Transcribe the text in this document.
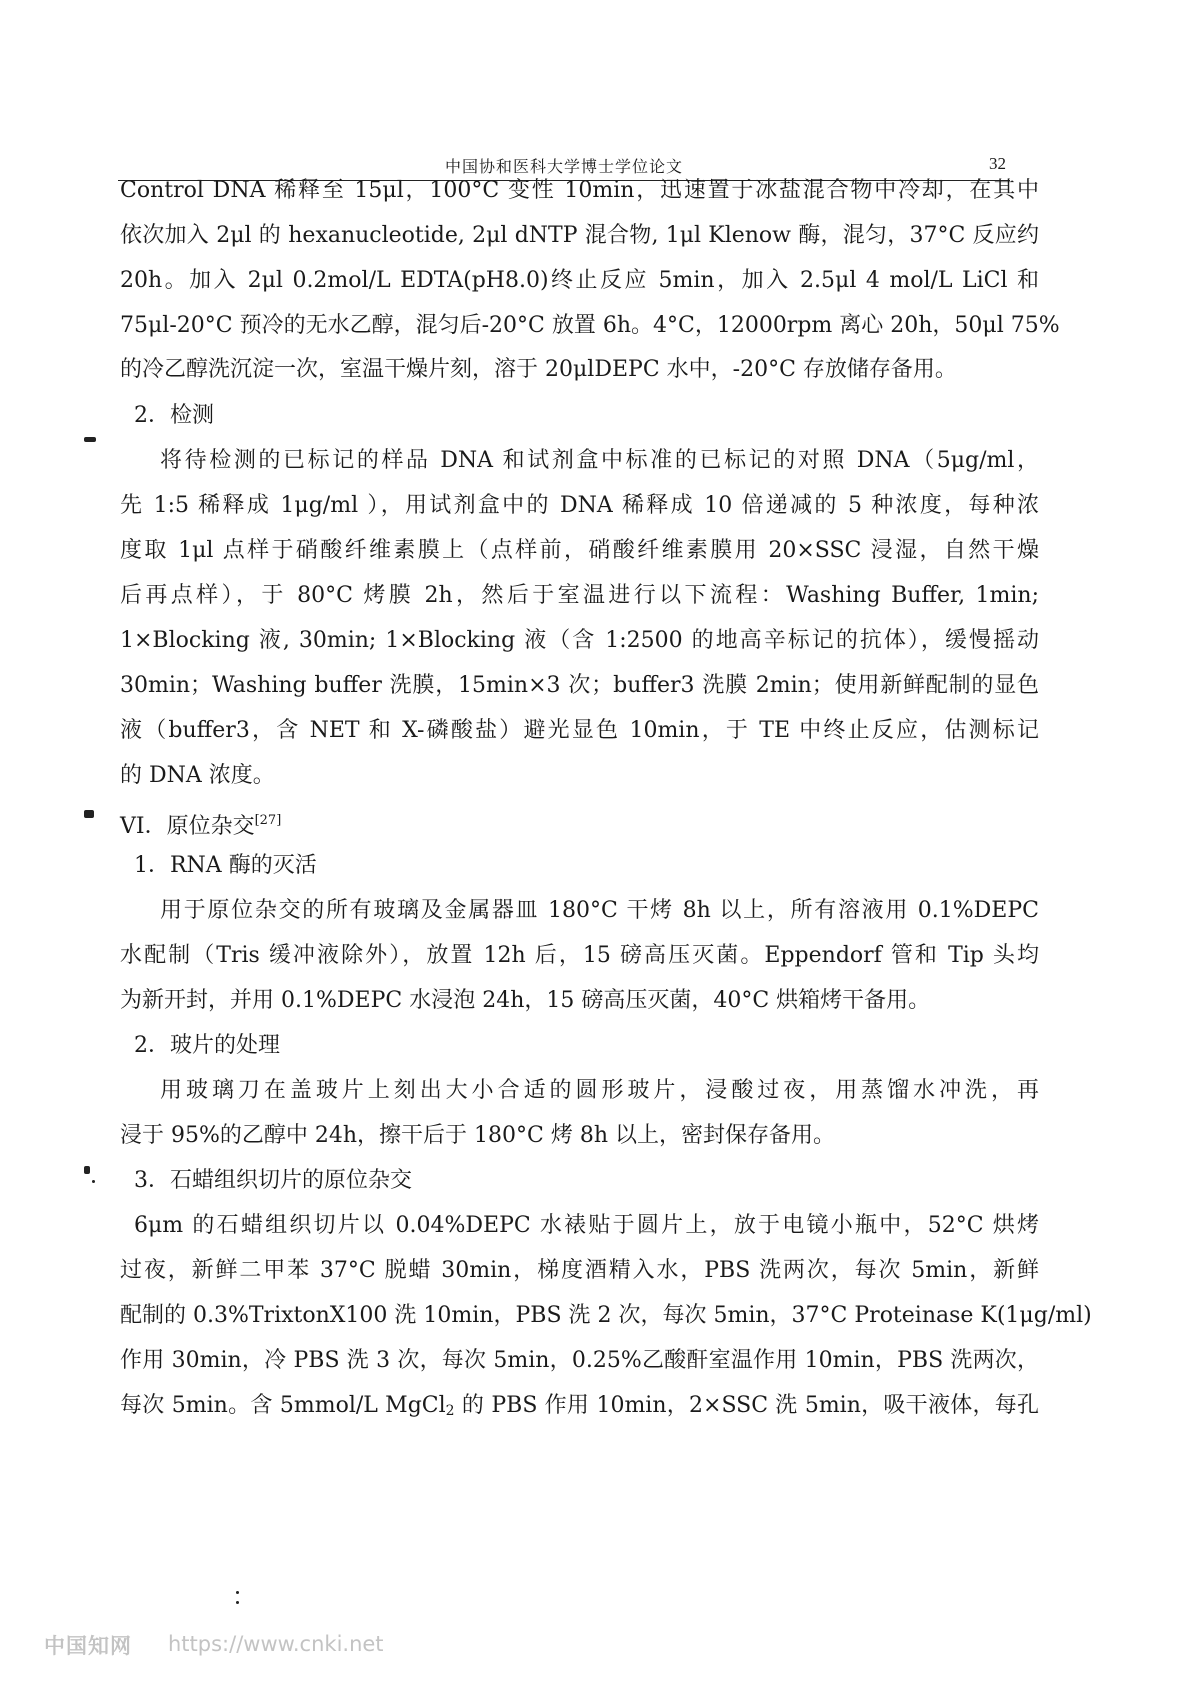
中国协和医科大学博士学位论文	32
Control DNA 稀释至 15μl，100°C 变性 10min，迅速置于冰盐混合物中冷却，在其中
依次加入 2μl 的 hexanucleotide, 2μl dNTP 混合物, 1μl Klenow 酶，混匀，37°C 反应约
20h。加入 2μl 0.2mol/L EDTA(pH8.0)终止反应 5min，加入 2.5μl 4 mol/L LiCl 和
75μl-20°C 预冷的无水乙醇，混匀后-20°C 放置 6h。4°C，12000rpm 离心 20h，50μl 75%
的冷乙醇洗沉淀一次，室温干燥片刻，溶于 20μlDEPC 水中，-20°C 存放储存备用。
2．检测
将待检测的已标记的样品 DNA 和试剂盒中标准的已标记的对照 DNA（5μg/ml，
先 1:5 稀释成 1μg/ml ），用试剂盒中的 DNA 稀释成 10 倍递减的 5 种浓度，每种浓
度取 1μl 点样于硝酸纤维素膜上（点样前，硝酸纤维素膜用 20×SSC 浸湿，自然干燥
后再点样），于 80°C 烤膜 2h，然后于室温进行以下流程：Washing Buffer, 1min;
1×Blocking 液, 30min; 1×Blocking 液（含 1:2500 的地高辛标记的抗体），缓慢摇动
30min；Washing buffer 洗膜，15min×3 次；buffer3 洗膜 2min；使用新鲜配制的显色
液（buffer3，含 NET 和 X-磷酸盐）避光显色 10min，于 TE 中终止反应，估测标记
的 DNA 浓度。
VI．原位杂交[27]
1．RNA 酶的灭活
用于原位杂交的所有玻璃及金属器皿 180°C 干烤 8h 以上，所有溶液用 0.1%DEPC
水配制（Tris 缓冲液除外），放置 12h 后，15 磅高压灭菌。Eppendorf 管和 Tip 头均
为新开封，并用 0.1%DEPC 水浸泡 24h，15 磅高压灭菌，40°C 烘箱烤干备用。
2．玻片的处理
用玻璃刀在盖玻片上刻出大小合适的圆形玻片，浸酸过夜，用蒸馏水冲洗，再
浸于 95%的乙醇中 24h，擦干后于 180°C 烤 8h 以上，密封保存备用。
3．石蜡组织切片的原位杂交
6μm 的石蜡组织切片以 0.04%DEPC 水裱贴于圆片上，放于电镜小瓶中，52°C 烘烤
过夜，新鲜二甲苯 37°C 脱蜡 30min，梯度酒精入水，PBS 洗两次，每次 5min，新鲜
配制的 0.3%TrixtonX100 洗 10min，PBS 洗 2 次，每次 5min，37°C Proteinase K(1μg/ml)
作用 30min，冷 PBS 洗 3 次，每次 5min，0.25%乙酸酐室温作用 10min，PBS 洗两次，
每次 5min。含 5mmol/L MgCl$_2$ 的 PBS 作用 10min，2×SSC 洗 5min，吸干液体，每孔
中国知网 https://www.cnki.net
